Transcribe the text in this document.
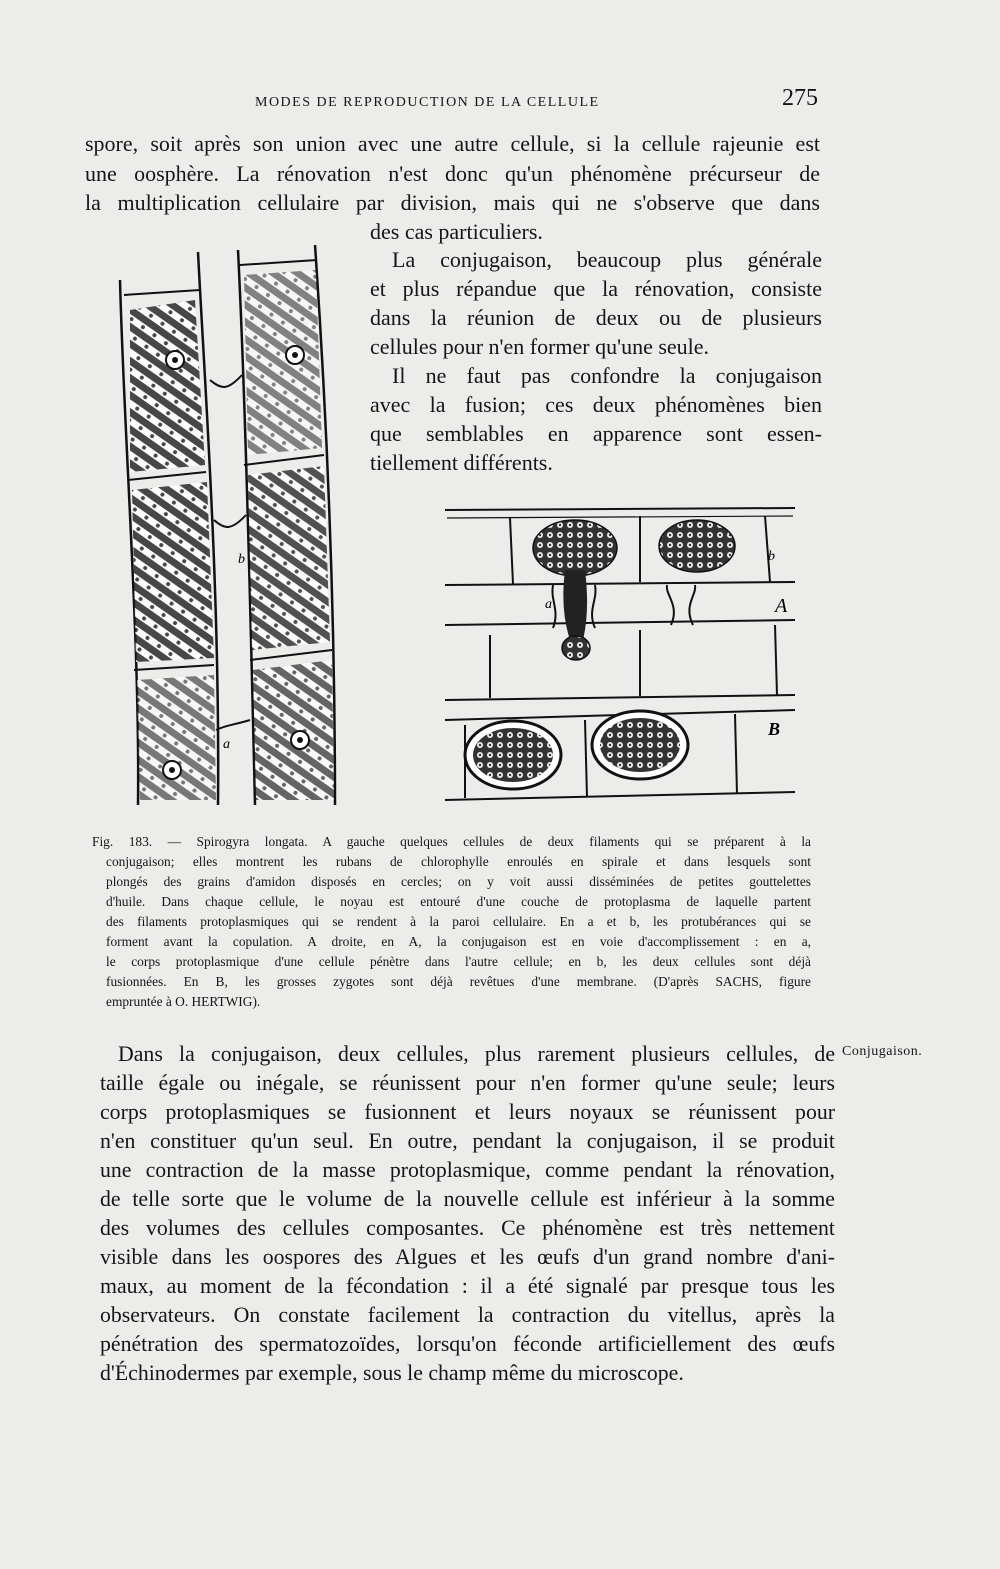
MODES DE REPRODUCTION DE LA CELLULE	275
spore, soit après son union avec une autre cellule, si la cellule rajeunie est
une oosphère. La rénovation n'est donc qu'un phénomène précurseur de
la multiplication cellulaire par division, mais qui ne s'observe que dans
des cas particuliers.
La conjugaison, beaucoup plus générale
et plus répandue que la rénovation, consiste
dans la réunion de deux ou de plusieurs
cellules pour n'en former qu'une seule.
Il ne faut pas confondre la conjugaison
avec la fusion; ces deux phénomènes bien
que semblables en apparence sont essen-
tiellement différents.
b
a
a
b
A
B
Fig. 183. — Spirogyra longata. A gauche quelques cellules de deux filaments qui se préparent à la
conjugaison; elles montrent les rubans de chlorophylle enroulés en spirale et dans lesquels sont
plongés des grains d'amidon disposés en cercles; on y voit aussi disséminées de petites gouttelettes
d'huile. Dans chaque cellule, le noyau est entouré d'une couche de protoplasma de laquelle partent
des filaments protoplasmiques qui se rendent à la paroi cellulaire. En a et b, les protubérances qui se
forment avant la copulation. A droite, en A, la conjugaison est en voie d'accomplissement : en a,
le corps protoplasmique d'une cellule pénètre dans l'autre cellule; en b, les deux cellules sont déjà
fusionnées. En B, les grosses zygotes sont déjà revêtues d'une membrane. (D'après SACHS, figure
empruntée à O. HERTWIG).
Conjugaison.
Dans la conjugaison, deux cellules, plus rarement plusieurs cellules, de
taille égale ou inégale, se réunissent pour n'en former qu'une seule; leurs
corps protoplasmiques se fusionnent et leurs noyaux se réunissent pour
n'en constituer qu'un seul. En outre, pendant la conjugaison, il se produit
une contraction de la masse protoplasmique, comme pendant la rénovation,
de telle sorte que le volume de la nouvelle cellule est inférieur à la somme
des volumes des cellules composantes. Ce phénomène est très nettement
visible dans les oospores des Algues et les œufs d'un grand nombre d'ani-
maux, au moment de la fécondation : il a été signalé par presque tous les
observateurs. On constate facilement la contraction du vitellus, après la
pénétration des spermatozoïdes, lorsqu'on féconde artificiellement des œufs
d'Échinodermes par exemple, sous le champ même du microscope.
